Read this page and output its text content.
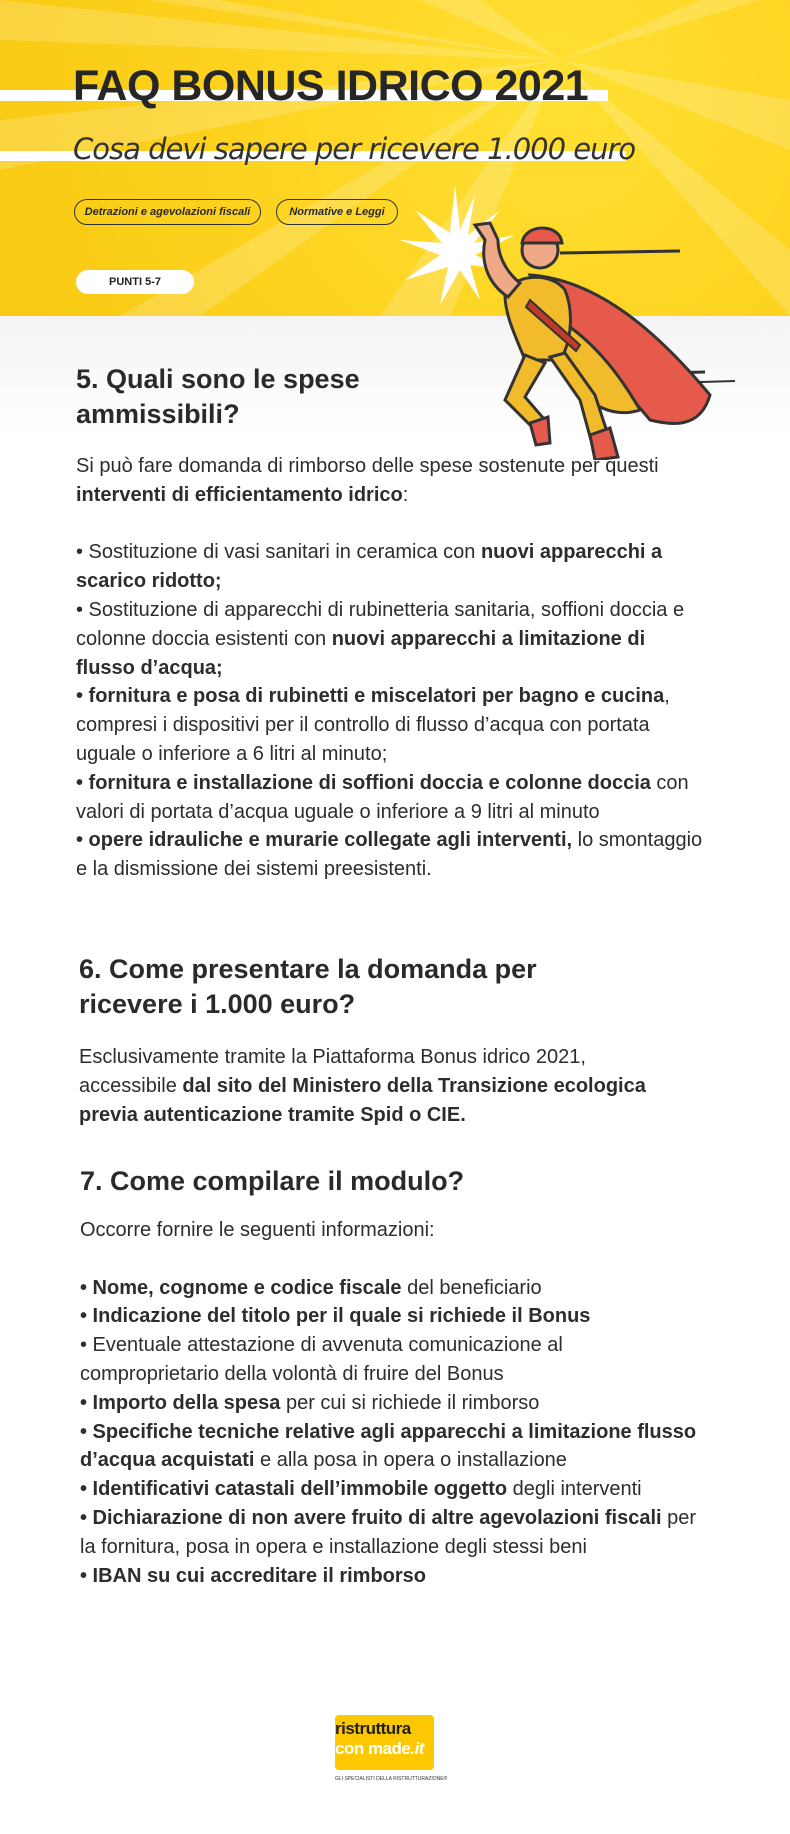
FAQ BONUS IDRICO 2021
Cosa devi sapere per ricevere 1.000 euro
Detrazioni e agevolazioni fiscali	Normative e Leggi
PUNTI 5-7
5. Quali sono le spese ammissibili?

Si può fare domanda di rimborso delle spese sostenute per questi interventi di efficientamento idrico:

• Sostituzione di vasi sanitari in ceramica con nuovi apparecchi a scarico ridotto;

• Sostituzione di apparecchi di rubinetteria sanitaria, soffioni doccia e colonne doccia esistenti con nuovi apparecchi a limitazione di flusso d’acqua;

• fornitura e posa di rubinetti e miscelatori per bagno e cucina, compresi i dispositivi per il controllo di flusso d’acqua con portata uguale o inferiore a 6 litri al minuto;

• fornitura e installazione di soffioni doccia e colonne doccia con valori di portata d’acqua uguale o inferiore a 9 litri al minuto

• opere idrauliche e murarie collegate agli interventi, lo smontaggio e la dismissione dei sistemi preesistenti.

6. Come presentare la domanda per ricevere i 1.000 euro?

Esclusivamente tramite la Piattaforma Bonus idrico 2021, accessibile dal sito del Ministero della Transizione ecologica previa autenticazione tramite Spid o CIE.

7. Come compilare il modulo?

Occorre fornire le seguenti informazioni:

• Nome, cognome e codice fiscale del beneficiario

• Indicazione del titolo per il quale si richiede il Bonus

• Eventuale attestazione di avvenuta comunicazione al comproprietario della volontà di fruire del Bonus

• Importo della spesa per cui si richiede il rimborso

• Specifiche tecniche relative agli apparecchi a limitazione flusso d’acqua acquistati e alla posa in opera o installazione

• Identificativi catastali dell’immobile oggetto degli interventi

• Dichiarazione di non avere fruito di altre agevolazioni fiscali per la fornitura, posa in opera e installazione degli stessi beni

• IBAN su cui accreditare il rimborso

ristruttura
con made.it
GLI SPECIALISTI DELLA RISTRUTTURAZIONE®
